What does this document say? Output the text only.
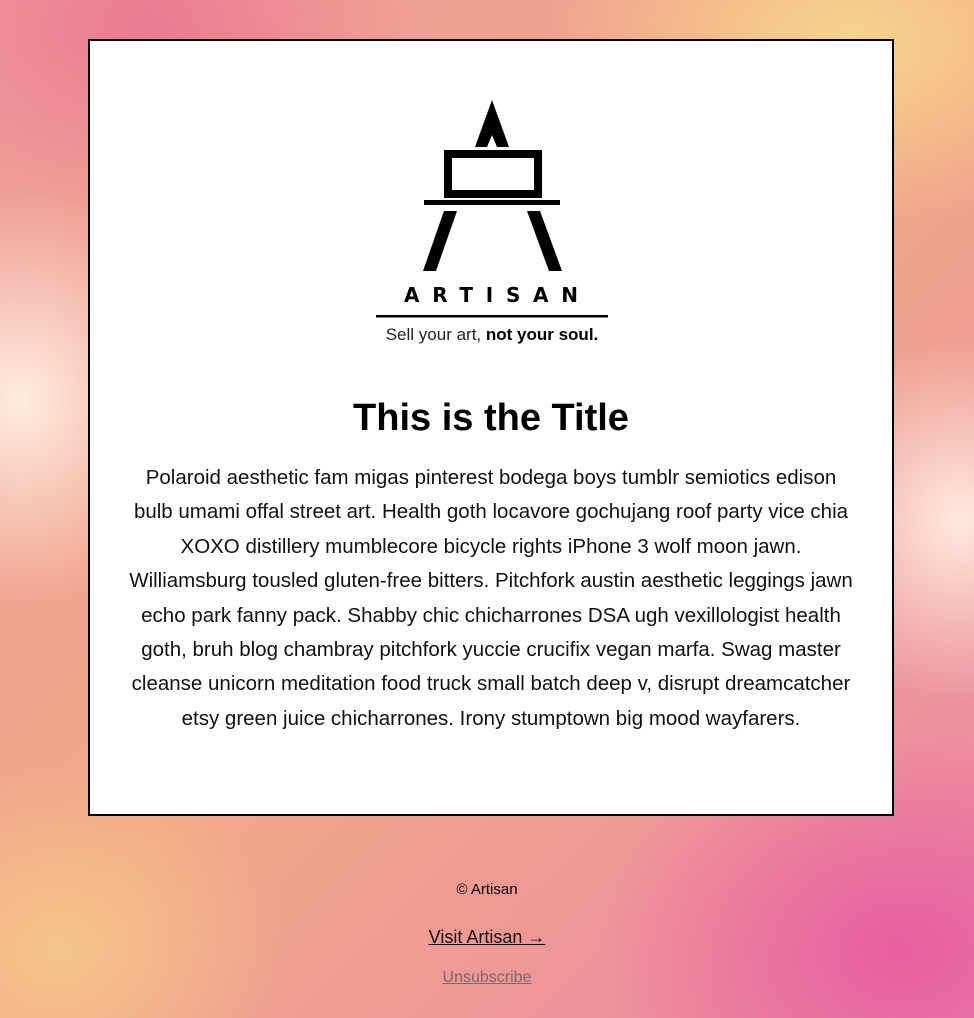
ARTISAN
Sell your art, not your soul.
This is the Title

Polaroid aesthetic fam migas pinterest bodega boys tumblr semiotics edison bulb umami offal street art. Health goth locavore gochujang roof party vice chia XOXO distillery mumblecore bicycle rights iPhone 3 wolf moon jawn. Williamsburg tousled gluten-free bitters. Pitchfork austin aesthetic leggings jawn echo park fanny pack. Shabby chic chicharrones DSA ugh vexillologist health goth, bruh blog chambray pitchfork yuccie crucifix vegan marfa. Swag master cleanse unicorn meditation food truck small batch deep v, disrupt dreamcatcher etsy green juice chicharrones. Irony stumptown big mood wayfarers.

© Artisan
Visit Artisan →
Unsubscribe
